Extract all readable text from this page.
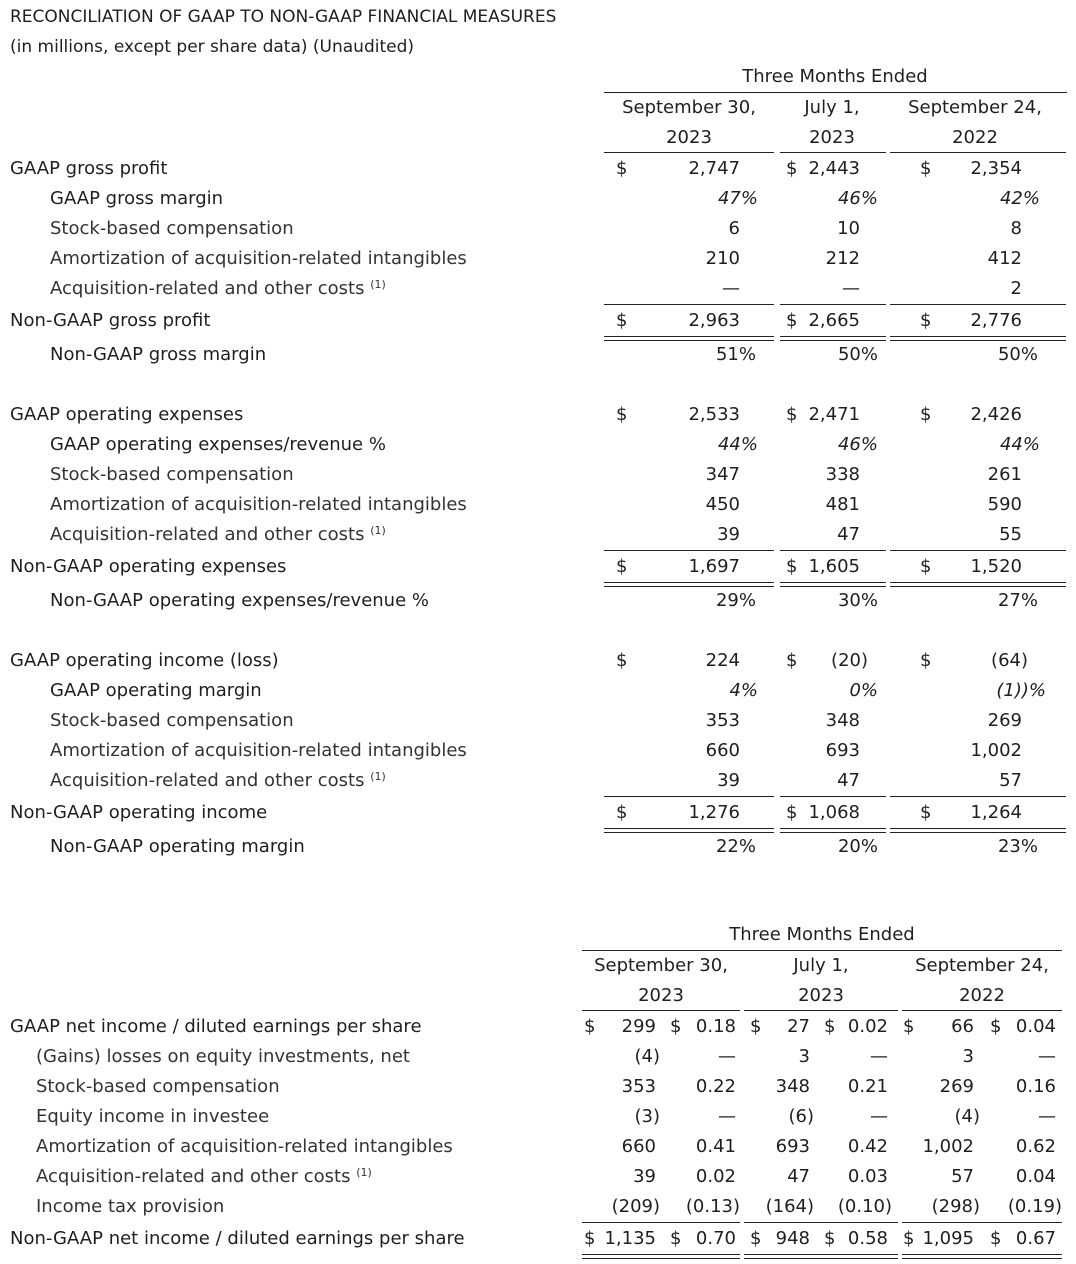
RECONCILIATION OF GAAP TO NON-GAAP FINANCIAL MEASURES
(in millions, except per share data) (Unaudited)
Three Months Ended
September 30,
2023
July 1,
2023
September 24,
2022
GAAP gross profit	$	2,747	$ 2,443	$	2,354
GAAP gross margin	47%	46%	42%
Stock-based compensation	6	10	8
Amortization of acquisition-related intangibles	210	212	412
Acquisition-related and other costs $^{(1)}$	—	—	2
Non-GAAP gross profit	$	2,963	$ 2,665	$	2,776
Non-GAAP gross margin	51%	50%	50%
GAAP operating expenses	$	2,533	$ 2,471	$	2,426
GAAP operating expenses/revenue %	44%	46%	44%
Stock-based compensation	347	338	261
Amortization of acquisition-related intangibles	450	481	590
Acquisition-related and other costs $^{(1)}$	39	47	55
Non-GAAP operating expenses	$	1,697	$ 1,605	$	1,520
Non-GAAP operating expenses/revenue %	29%	30%	27%
GAAP operating income (loss)	$	224	$	(20)	$	(64)
GAAP operating margin	4%	0%	(1))%
Stock-based compensation	353	348	269
Amortization of acquisition-related intangibles	660	693	1,002
Acquisition-related and other costs $^{(1)}$	39	47	57
Non-GAAP operating income	$	1,276	$ 1,068	$	1,264
Non-GAAP operating margin	22%	20%	23%
Three Months Ended
September 30,
2023
July 1,
2023
September 24,
2022
GAAP net income / diluted earnings per share	$	299 $ 0.18 $	27 $ 0.02 $	66 $ 0.04
(Gains) losses on equity investments, net	(4)	—	3	—	3	—
Stock-based compensation	353	0.22	348	0.21	269	0.16
Equity income in investee	(3)	—	(6)	—	(4)	—
Amortization of acquisition-related intangibles	660	0.41	693	0.42	1,002	0.62
Acquisition-related and other costs $^{(1)}$	39	0.02	47	0.03	57	0.04
Income tax provision	(209)	(0.13)	(164)	(0.10)	(298)	(0.19)
Non-GAAP net income / diluted earnings per share	$ 1,135 $ 0.70 $ 948 $ 0.58 $ 1,095 $ 0.67
